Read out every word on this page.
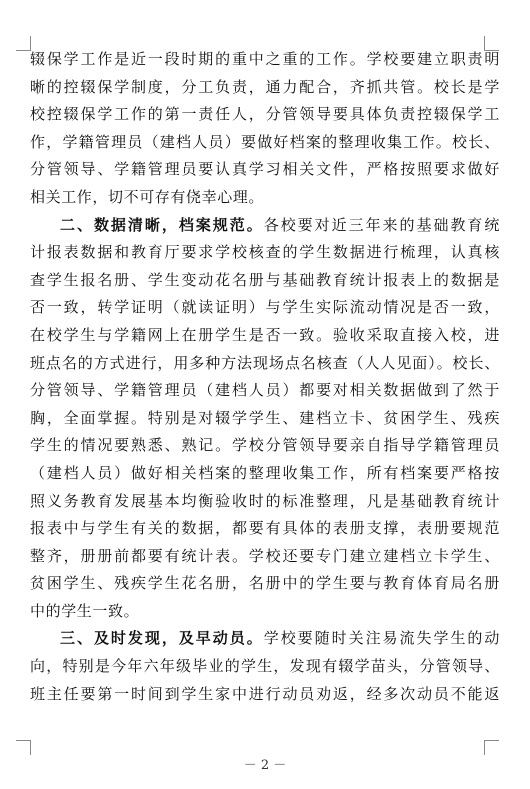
辍保学工作是近一段时期的重中之重的工作。学校要建立职责明
晰的控辍保学制度，分工负责，通力配合，齐抓共管。校长是学
校控辍保学工作的第一责任人，分管领导要具体负责控辍保学工
作，学籍管理员（建档人员）要做好档案的整理收集工作。校长、
分管领导、学籍管理员要认真学习相关文件，严格按照要求做好
相关工作，切不可存有侥幸心理。
二、数据清晰，档案规范。各校要对近三年来的基础教育统
计报表数据和教育厅要求学校核查的学生数据进行梳理，认真核
查学生报名册、学生变动花名册与基础教育统计报表上的数据是
否一致，转学证明（就读证明）与学生实际流动情况是否一致，
在校学生与学籍网上在册学生是否一致。验收采取直接入校，进
班点名的方式进行，用多种方法现场点名核查（人人见面）。校长、
分管领导、学籍管理员（建档人员）都要对相关数据做到了然于
胸，全面掌握。特别是对辍学学生、建档立卡、贫困学生、残疾
学生的情况要熟悉、熟记。学校分管领导要亲自指导学籍管理员
（建档人员）做好相关档案的整理收集工作，所有档案要严格按
照义务教育发展基本均衡验收时的标准整理，凡是基础教育统计
报表中与学生有关的数据，都要有具体的表册支撑，表册要规范
整齐，册册前都要有统计表。学校还要专门建立建档立卡学生、
贫困学生、残疾学生花名册，名册中的学生要与教育体育局名册
中的学生一致。
三、及时发现，及早动员。学校要随时关注易流失学生的动
向，特别是今年六年级毕业的学生，发现有辍学苗头，分管领导、
班主任要第一时间到学生家中进行动员劝返，经多次动员不能返
－ 2 －
